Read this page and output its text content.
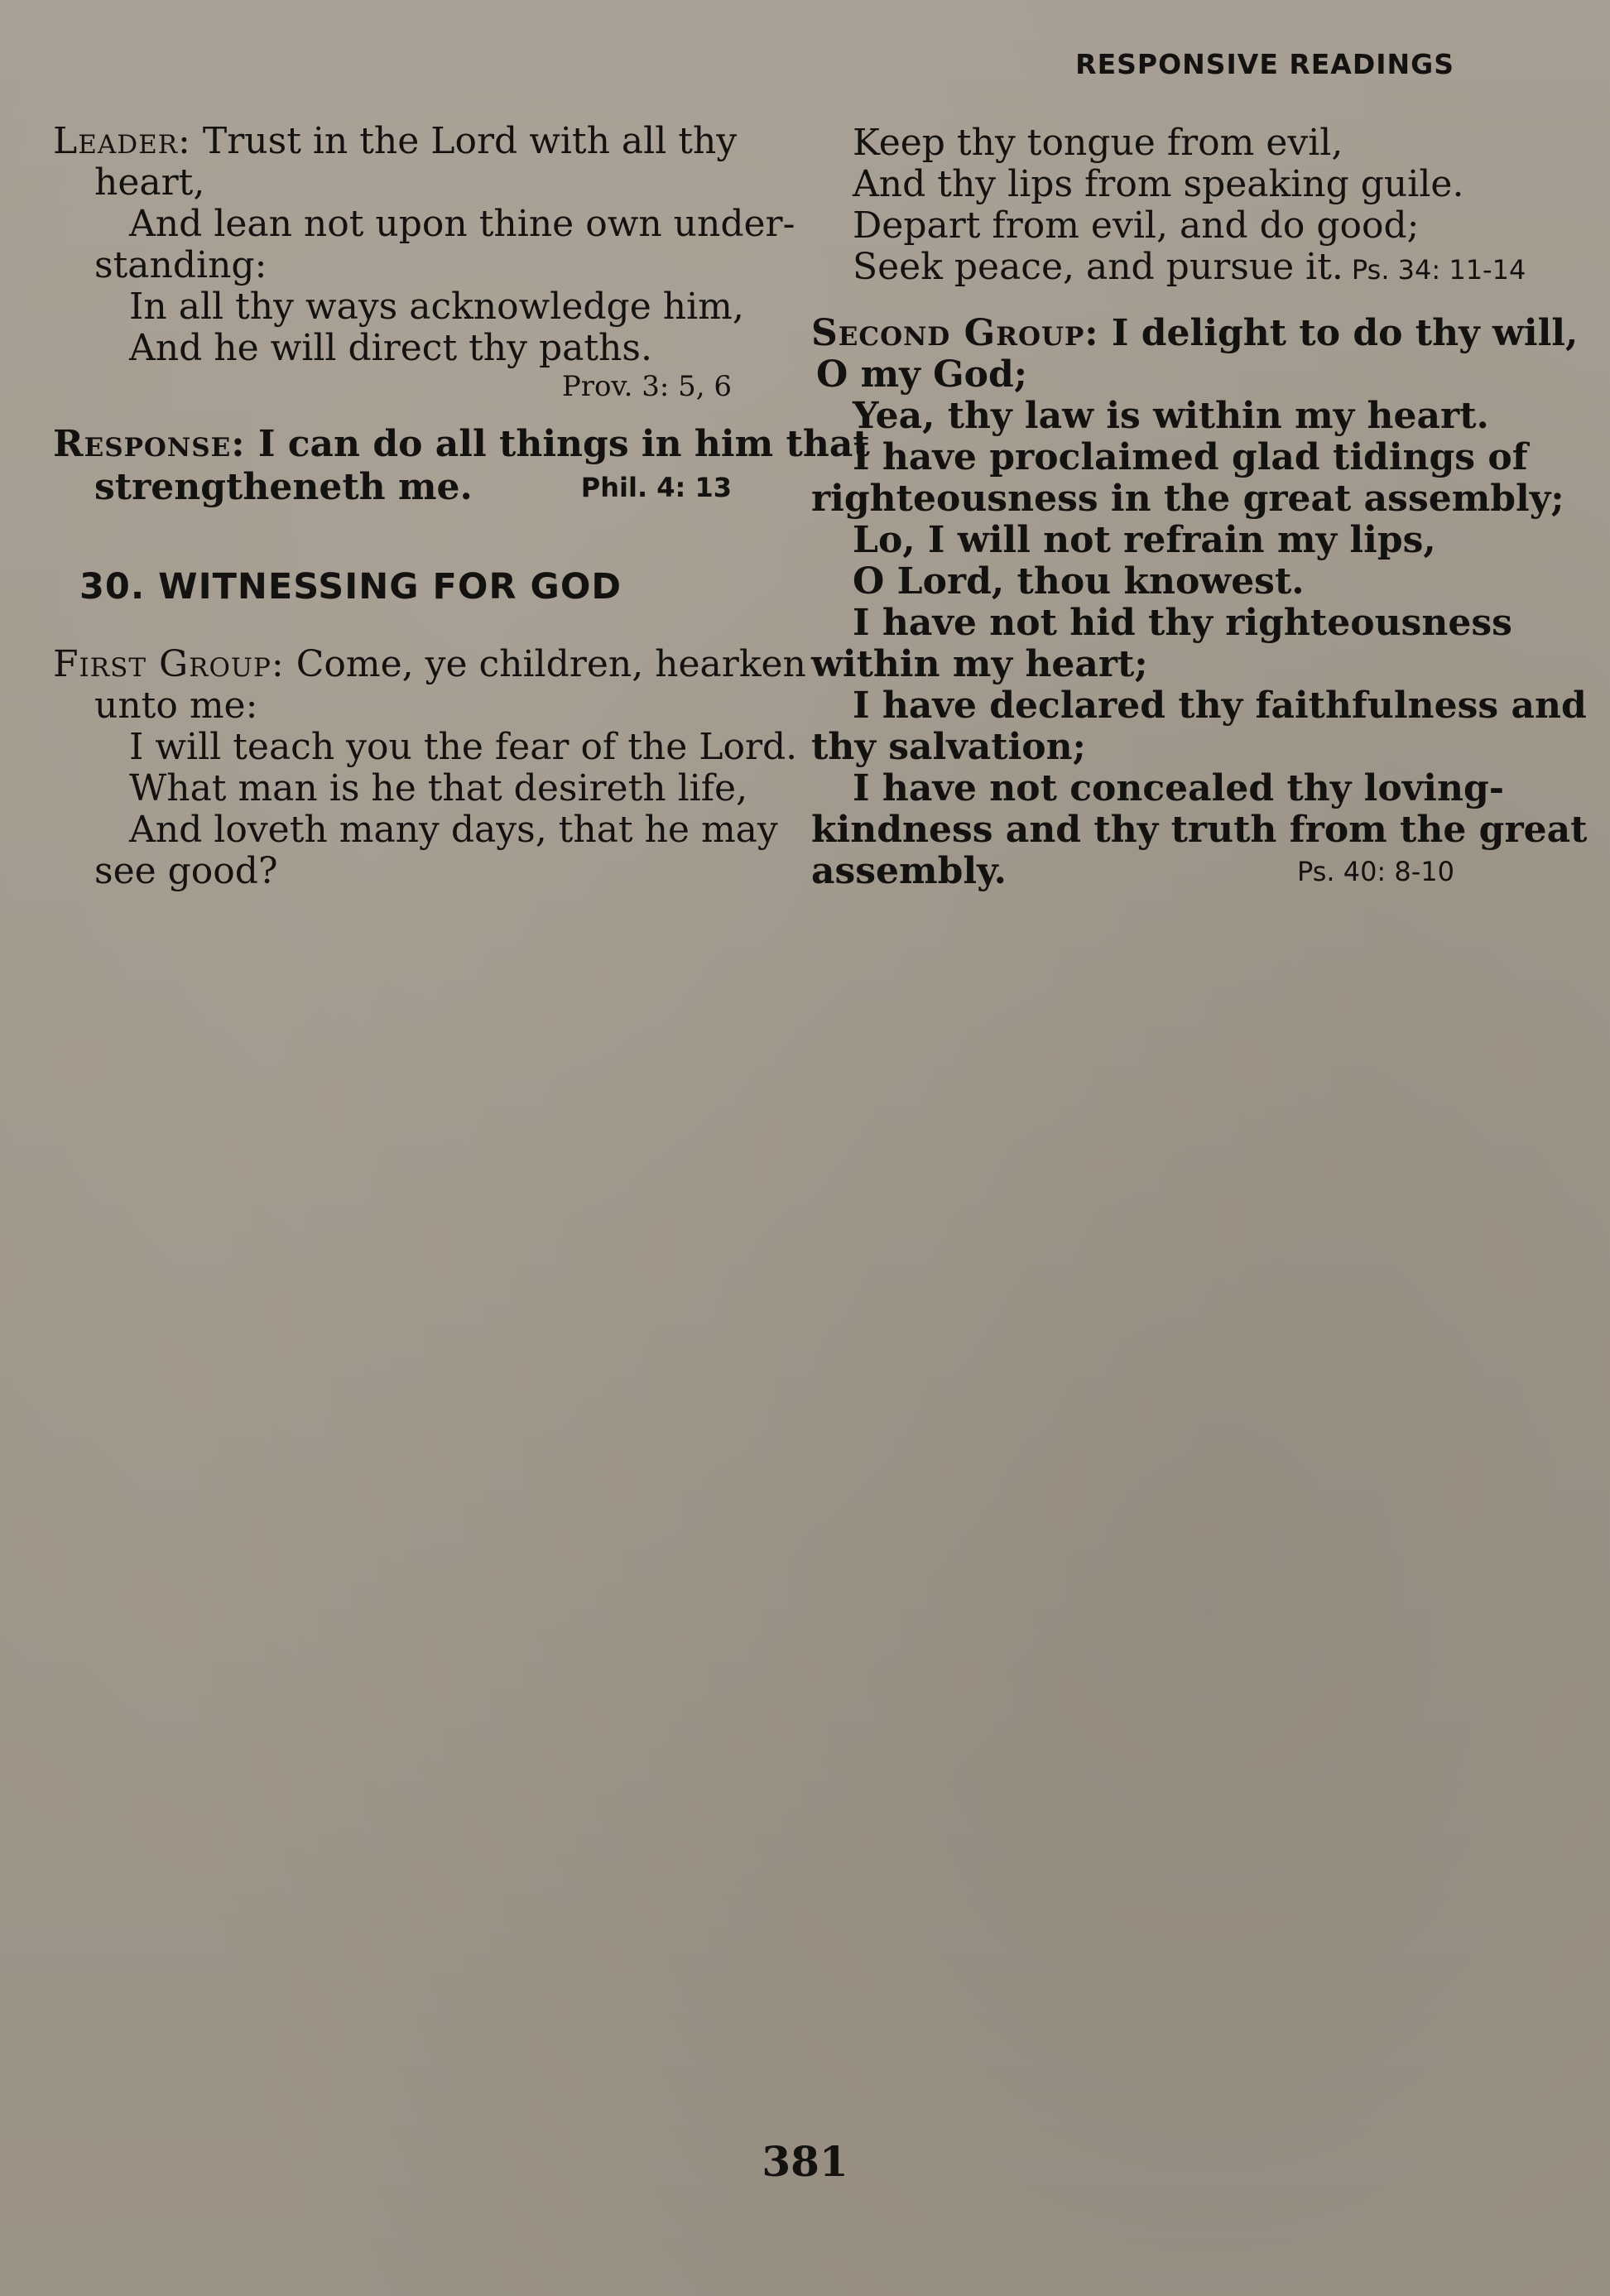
RESPONSIVE READINGS
Leader: Trust in the Lord with all thy
heart,
And lean not upon thine own under-
standing:
In all thy ways acknowledge him,
And he will direct thy paths.
Prov. 3: 5, 6
Response: I can do all things in him that
strengtheneth me.	Phil. 4: 13
30. WITNESSING FOR GOD
First Group: Come, ye children, hearken
unto me:
I will teach you the fear of the Lord.
What man is he that desireth life,
And loveth many days, that he may
see good?
Keep thy tongue from evil,
And thy lips from speaking guile.
Depart from evil, and do good;
Seek peace, and pursue it. Ps. 34: 11-14
Second Group: I delight to do thy will,
O my God;
Yea, thy law is within my heart.
I have proclaimed glad tidings of
righteousness in the great assembly;
Lo, I will not refrain my lips,
O Lord, thou knowest.
I have not hid thy righteousness
within my heart;
I have declared thy faithfulness and
thy salvation;
I have not concealed thy loving-
kindness and thy truth from the great
assembly.	Ps. 40: 8-10
381
